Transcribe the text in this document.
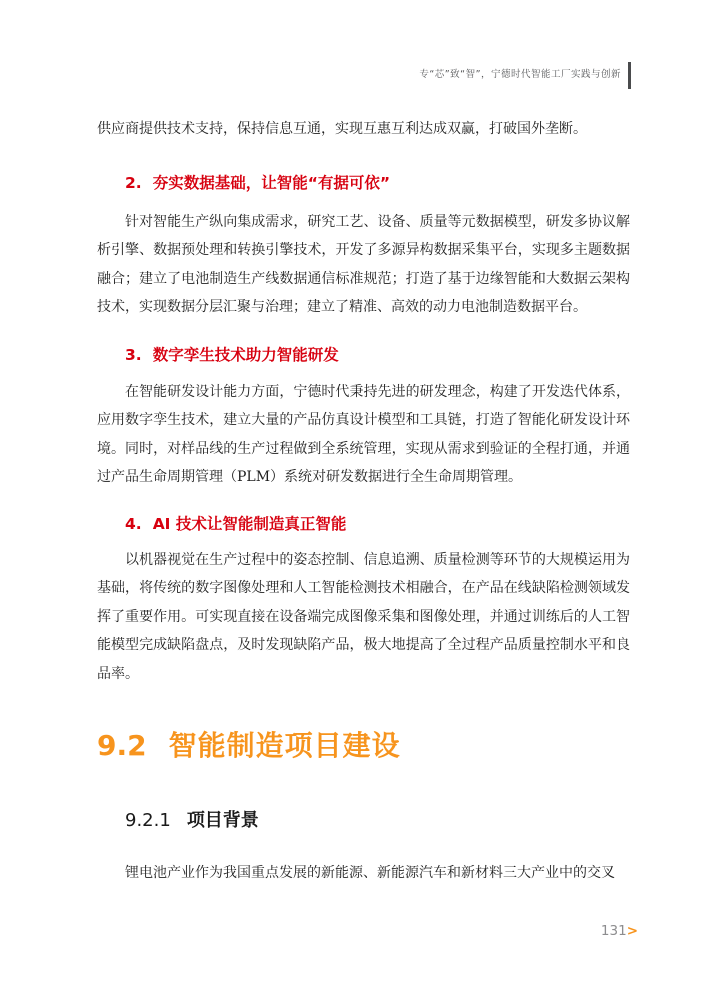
专“芯”致“智”，宁德时代智能工厂实践与创新

供应商提供技术支持，保持信息互通，实现互惠互利达成双赢，打破国外垄断。

2. 夯实数据基础，让智能“有据可依”

针对智能生产纵向集成需求，研究工艺、设备、质量等元数据模型，研发多协议解析引擎、数据预处理和转换引擎技术，开发了多源异构数据采集平台，实现多主题数据融合；建立了电池制造生产线数据通信标准规范；打造了基于边缘智能和大数据云架构技术，实现数据分层汇聚与治理；建立了精准、高效的动力电池制造数据平台。

3. 数字孪生技术助力智能研发

在智能研发设计能力方面，宁德时代秉持先进的研发理念，构建了开发迭代体系，应用数字孪生技术，建立大量的产品仿真设计模型和工具链，打造了智能化研发设计环境。同时，对样品线的生产过程做到全系统管理，实现从需求到验证的全程打通，并通过产品生命周期管理（PLM）系统对研发数据进行全生命周期管理。

4. AI 技术让智能制造真正智能

以机器视觉在生产过程中的姿态控制、信息追溯、质量检测等环节的大规模运用为基础，将传统的数字图像处理和人工智能检测技术相融合，在产品在线缺陷检测领域发挥了重要作用。可实现直接在设备端完成图像采集和图像处理，并通过训练后的人工智能模型完成缺陷盘点，及时发现缺陷产品，极大地提高了全过程产品质量控制水平和良品率。

9.2 智能制造项目建设
9.2.1 项目背景

锂电池产业作为我国重点发展的新能源、新能源汽车和新材料三大产业中的交叉

131>
